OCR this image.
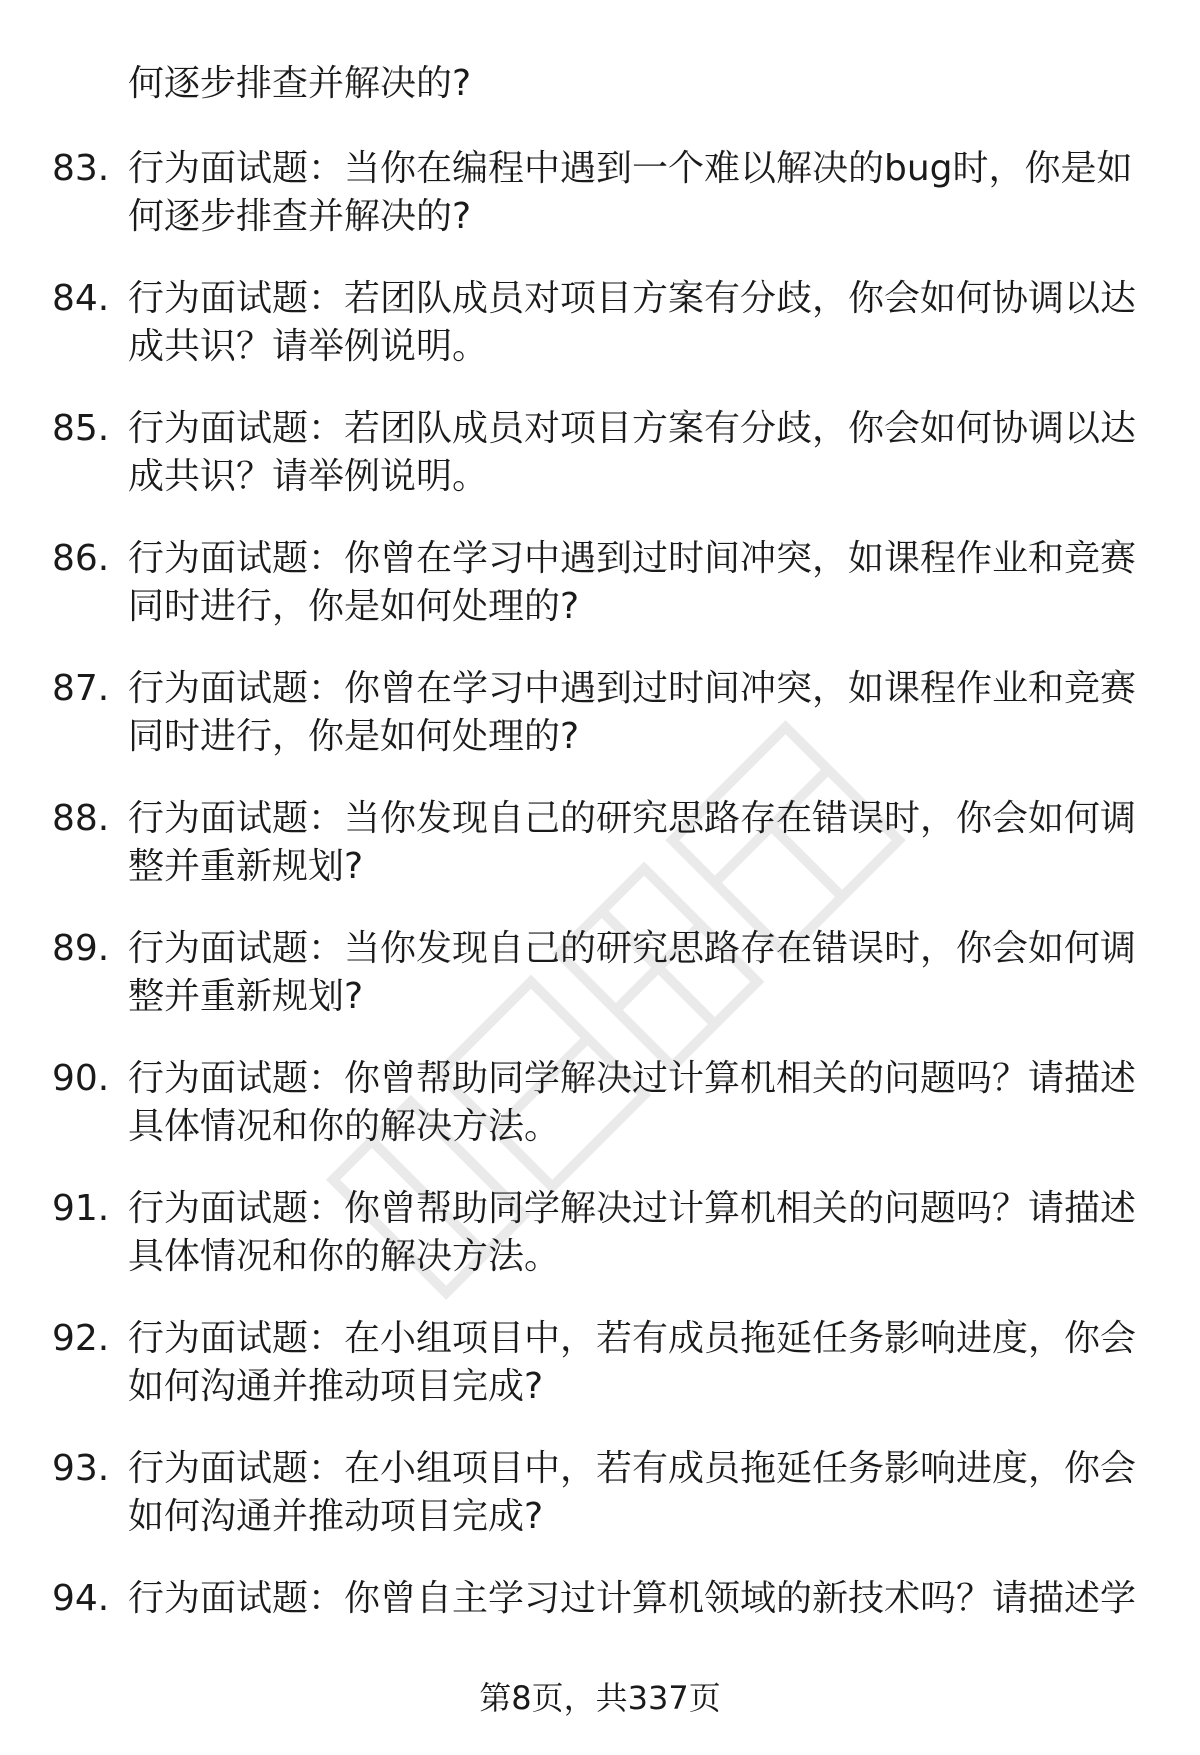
何逐步排查并解决的?
83. 行为面试题：当你在编程中遇到一个难以解决的bug时，你是如何逐步排查并解决的?
84. 行为面试题：若团队成员对项目方案有分歧，你会如何协调以达成共识？请举例说明。
85. 行为面试题：若团队成员对项目方案有分歧，你会如何协调以达成共识？请举例说明。
86. 行为面试题：你曾在学习中遇到过时间冲突，如课程作业和竞赛同时进行，你是如何处理的?
87. 行为面试题：你曾在学习中遇到过时间冲突，如课程作业和竞赛同时进行，你是如何处理的?
88. 行为面试题：当你发现自己的研究思路存在错误时，你会如何调整并重新规划?
89. 行为面试题：当你发现自己的研究思路存在错误时，你会如何调整并重新规划?
90. 行为面试题：你曾帮助同学解决过计算机相关的问题吗？请描述具体情况和你的解决方法。
91. 行为面试题：你曾帮助同学解决过计算机相关的问题吗？请描述具体情况和你的解决方法。
92. 行为面试题：在小组项目中，若有成员拖延任务影响进度，你会如何沟通并推动项目完成?
93. 行为面试题：在小组项目中，若有成员拖延任务影响进度，你会如何沟通并推动项目完成?
94. 行为面试题：你曾自主学习过计算机领域的新技术吗？请描述学
第8页，共337页
